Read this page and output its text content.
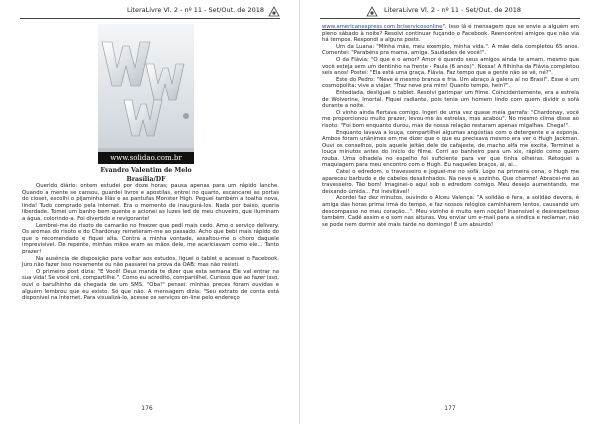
LiteraLivre Vl. 2 - nº 11 - Set/Out. de 2018
www.solidao.com.br
Evandro Valentim de Melo
Brasília/DF

Querido diário: ontem estudei por doze horas; pausa apenas para um rápido lanche. Quando a mente se cansou, guardei livros e apostilas, entrei no quarto, escancarei as portas do closet, escolhi o pijaminha lilás e as pantufas Monster High. Peguei também a toalha nova, linda! Tudo comprado pela internet. Era o momento de inaugurá-los. Nada por baixo, queria liberdade. Tomei um banho bem quente e acionei as luzes led de meu chuveiro, que iluminam a água, colorindo-a. Foi divertido e revigorante!

Lembrei-me do risoto de camarão no freezer que pedi mais cedo. Amo o serviço delivery. Os aromas do risoto e do Chardonay remeteram-me ao passado. Acho que bebi mais rápido do que o recomendado e fiquei alta. Contra a minha vontade, assaltou-me o choro daquele imprevisível. De repente, minhas mãos eram as mãos dele, me acariciavam como ele... Tanto prazer!

Na ausência de disposição para voltar aos estudos, liguei o tablet e acessei o Facebook. Juro não fazer isso novamente ou não passarei na prova da OAB; mas não resisti.

O primeiro post dizia: "E Você! Deus manda te dizer que esta semana Ele vai entrar na sua vida! Se você crê, compartilhe.". Como eu acredito, compartilhei. Curioso que ao fazer isso, ouvi o barulhinho da chegada de um SMS. "Oba!" pensei: minhas preces foram ouvidas e alguém lembrou que eu existo. Só que não. A mensagem dizia: "Seu extrato de conta está disponível na internet. Para visualizá-lo, acesse os serviços on-line pelo endereço

176
LiteraLivre Vl. 2 - nº 11 - Set/Out. de 2018

www.americanexpress.com.br/servicosonline". Isso lá é mensagem que se envie a alguém em pleno sábado à noite? Resolvi continuar fuçando o Facebook. Reencontrei amigos que não via há tempos. Respondi a alguns posts.

Um da Luana: "Minha mãe, meu exemplo, minha vida.". A mãe dela completou 65 anos. Comentei: "Parabéns pra mama, amiga. Saudades de você!".

O da Flávia: "O que é o amor? Amor é quando seus amigos ainda te amam, mesmo que você esteja sem um dentinho na frente - Paula (6 anos)". Nossa! A filhinha da Flávia completou seis anos! Postei: "Ela está uma graça, Flávia. Faz tempo que a gente não se vê, né?".

Este do Pedro: "Neve é mesmo branca e fria. Um abraço à galera aí no Brasil". Esse é um cosmopolita: vive a viajar. "Traz neve pra mim! Quanto tempo, hein?".

Entediada, desliguei o tablet. Resolvi garimpar um filme. Coincidentemente, era a estreia de Wolverine, Imortal. Fiquei radiante, pois tenia um homem lindo com quem dividir o sofá durante a noite.

O vinho ainda flertava comigo. Ingeri de uma vez quase meia garrafa: "Chardonay, você me proporcionou muito prazer, levou-me às estrelas, mas acabou". No mesmo clima disse ao risoto: "Foi bom enquanto durou, mas de nossa relação restaram apenas migalhas. Chega!".

Enquanto lavava a louça, compartilhei algumas angústias com o detergente e a esponja. Ambos foram unânimes em me dizer que o que eu precisava mesmo era ver o Hugh Jackman. Ouvi os conselhos, pois aquele jeitão dele de cafajeste, de macho alfa me excita. Terminei a louça minutos antes do início do filme. Corri ao banheiro para um xix, rápido como quem rouba. Uma olhadela no espelho foi suficiente para ver que tinha olheiras. Retoquei a maquiagem para meu encontro com o Hugh. Eu naqueles braços, ai, ai...

Catei o edredom, o travesseiro e joguei-me no sofá. Logo na primeira cena, o Hugh me apareceu barbudo e de cabelos desalinhados. Na neve e sozinho. Que charme! Abracei-me ao travesseiro. Tão bom! Imaginei-o aqui sob o edredom comigo. Meu desejo aumentando, me deixando úmida... Foi inevitável!

Acordei faz dez minutos, ouvindo o Alceu Valença: "A solidão é fera, a solidão devora, é amiga das horas prima irmã do tempo, e faz nossos relógios caminharem lentos, causando um descompasso no meu coração...". Meu vizinho é muito sem noção! Insensível e desrespeitoso também. Cadê assim e o som nas alturas. Vou enviar um e-mail para a síndica e reclamar, não se pode nem dormir até mais tarde no domingo! É um absurdo!

177
